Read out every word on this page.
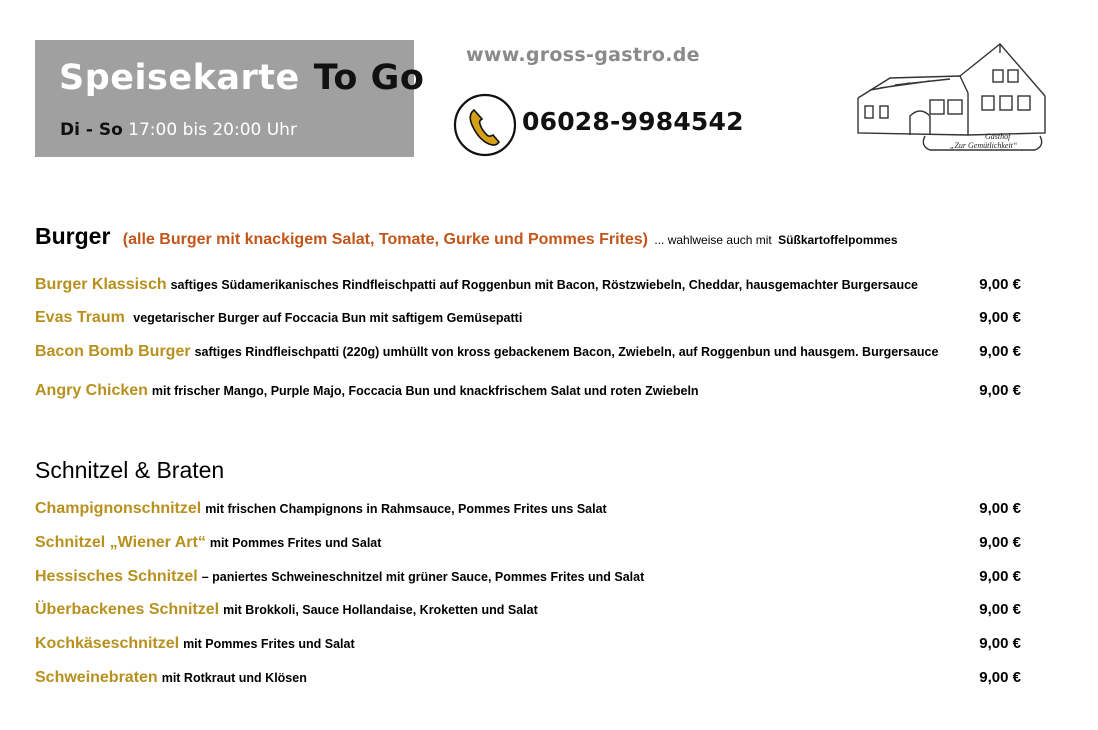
Speisekarte To Go
Di - So 17:00 bis 20:00 Uhr
www.gross-gastro.de
06028-9984542
Gasthof
„Zur Gemütlichkeit“
Burger (alle Burger mit knackigem Salat, Tomate, Gurke und Pommes Frites) ... wahlweise auch mit Süßkartoffelpommes
Burger Klassisch saftiges Südamerikanisches Rindfleischpatti auf Roggenbun mit Bacon, Röstzwiebeln, Cheddar, hausgemachter Burgersauce	9,00 €
Evas Traum vegetarischer Burger auf Foccacia Bun mit saftigem Gemüsepatti	9,00 €
Bacon Bomb Burger saftiges Rindfleischpatti (220g) umhüllt von kross gebackenem Bacon, Zwiebeln, auf Roggenbun und hausgem. Burgersauce	9,00 €
Angry Chicken mit frischer Mango, Purple Majo, Foccacia Bun und knackfrischem Salat und roten Zwiebeln	9,00 €
Schnitzel & Braten
Champignonschnitzel mit frischen Champignons in Rahmsauce, Pommes Frites uns Salat	9,00 €
Schnitzel „Wiener Art“ mit Pommes Frites und Salat	9,00 €
Hessisches Schnitzel – paniertes Schweineschnitzel mit grüner Sauce, Pommes Frites und Salat	9,00 €
Überbackenes Schnitzel mit Brokkoli, Sauce Hollandaise, Kroketten und Salat	9,00 €
Kochkäseschnitzel mit Pommes Frites und Salat	9,00 €
Schweinebraten mit Rotkraut und Klösen	9,00 €
